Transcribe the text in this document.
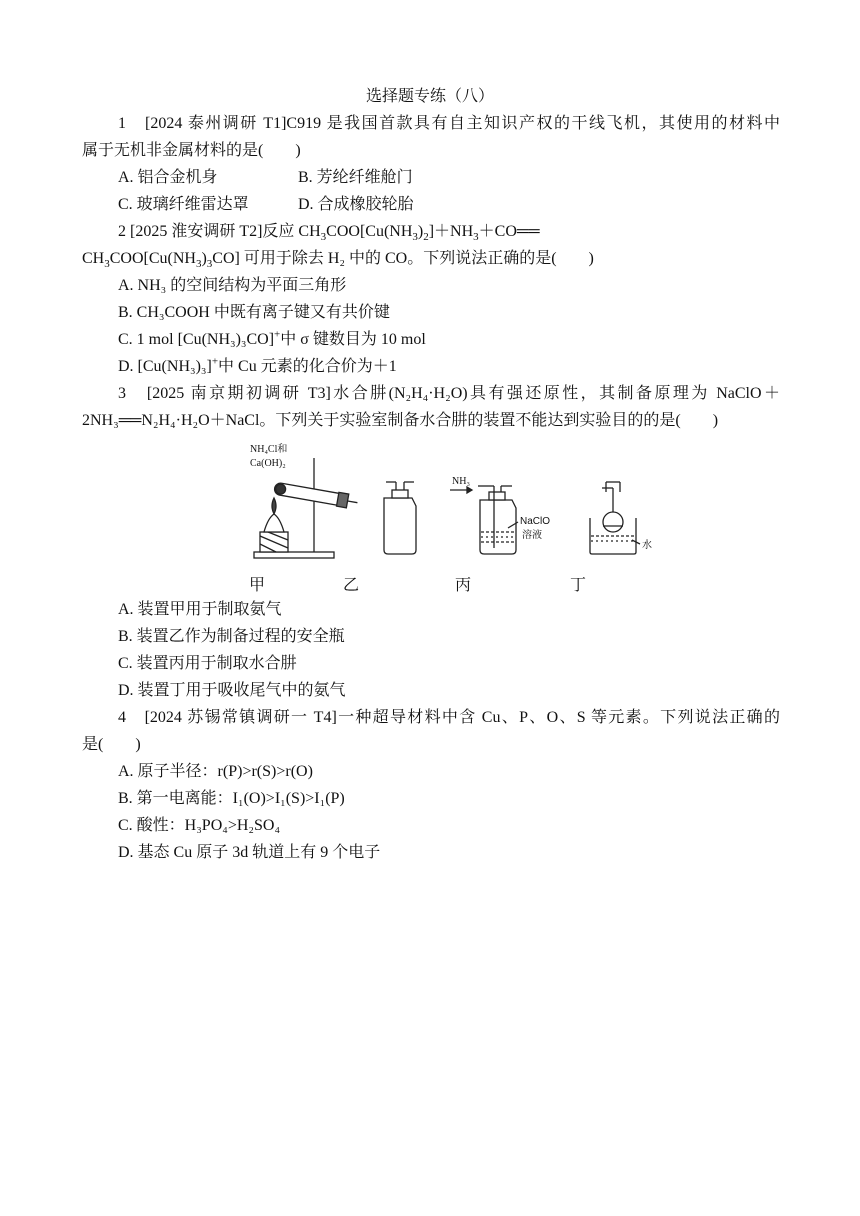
选择题专练（八）
1　[2024 泰州调研 T1]C919 是我国首款具有自主知识产权的干线飞机，其使用的材料中
属于无机非金属材料的是(　　)
A. 铝合金机身	B. 芳纶纤维舱门
C. 玻璃纤维雷达罩	D. 合成橡胶轮胎
2 [2025 淮安调研 T2]反应 $CH_3COO[Cu(NH_3)_2]+NH_3+CO══$
$CH_3COO[Cu(NH_3)_3CO]$ 可用于除去 H₂ 中的 CO。下列说法正确的是(　　)
A. NH₃ 的空间结构为平面三角形
B. CH₃COOH 中既有离子键又有共价键
C. 1 mol [Cu(NH₃)₃CO]+中 σ 键数目为 10 mol
D. [Cu(NH₃)₃]+中 Cu 元素的化合价为＋1
3　[2025 南京期初调研 T3]水合肼(N₂H₄·H₂O)具有强还原性，其制备原理为 NaClO＋
2NH₃══N₂H₄·H₂O＋NaCl。下列关于实验室制备水合肼的装置不能达到实验目的的是(　　)
NH₄Cl和
Ca(OH)₂
NH₃
NaClO
溶液
水
甲	乙	丙	丁
A. 装置甲用于制取氨气
B. 装置乙作为制备过程的安全瓶
C. 装置丙用于制取水合肼
D. 装置丁用于吸收尾气中的氨气
4　[2024 苏锡常镇调研一 T4]一种超导材料中含 Cu、P、O、S 等元素。下列说法正确的
是(　　)
A. 原子半径：r(P)>r(S)>r(O)
B. 第一电离能：I₁(O)>I₁(S)>I₁(P)
C. 酸性：H₃PO₄>H₂SO₄
D. 基态 Cu 原子 3d 轨道上有 9 个电子
